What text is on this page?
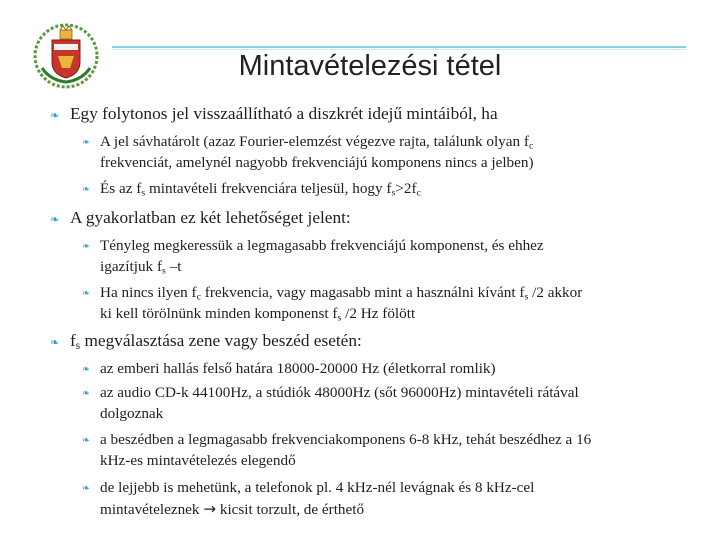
Mintavételezési tétel
❧ Egy folytonos jel visszaállítható a diszkrét idejű mintáiból, ha
❧ A jel sávhatárolt (azaz Fourier-elemzést végezve rajta, találunk olyan $f_c$
frekvenciát, amelynél nagyobb frekvenciájú komponens nincs a jelben)
❧ És az $f_s$ mintavételi frekvenciára teljesül, hogy $f_s>2f_c$
❧ A gyakorlatban ez két lehetőséget jelent:
❧ Tényleg megkeressük a legmagasabb frekvenciájú komponenst, és ehhez
igazítjuk $f_s$ –t
❧ Ha nincs ilyen $f_c$ frekvencia, vagy magasabb mint a használni kívánt $f_s$ /2 akkor
ki kell törölnünk minden komponenst $f_s$ /2 Hz fölött
❧ $f_s$ megválasztása zene vagy beszéd esetén:
❧ az emberi hallás felső határa 18000-20000 Hz (életkorral romlik)
❧ az audio CD-k 44100Hz, a stúdiók 48000Hz (sőt 96000Hz) mintavételi rátával
dolgoznak
❧ a beszédben a legmagasabb frekvenciakomponens 6-8 kHz, tehát beszédhez a 16
kHz-es mintavételezés elegendő
❧ de lejjebb is mehetünk, a telefonok pl. 4 kHz-nél levágnak és 8 kHz-cel
mintavételeznek → kicsit torzult, de érthető
